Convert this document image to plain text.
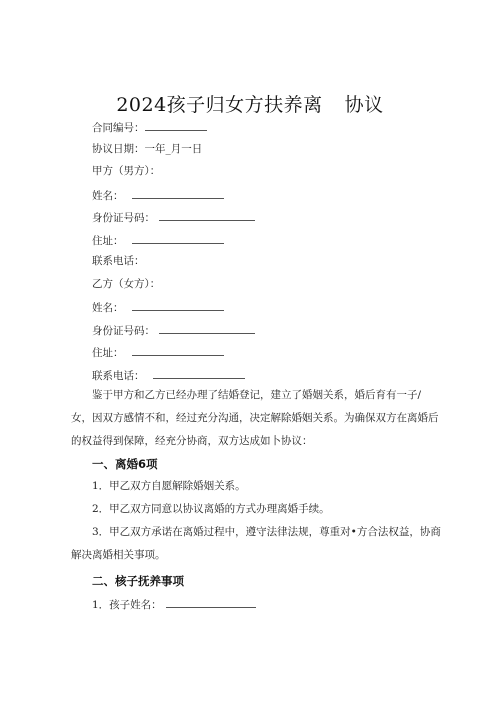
2024孩子归女方扶养离 协议
合同编号：
协议日期：一年_月一日
甲方（男方）：
姓名：
身份证号码：
住址：
联系电话：
乙方（女方）：
姓名：
身份证号码：
住址：
联系电话：
鉴于甲方和乙方已经办理了结婚登记，建立了婚姻关系，婚后育有一子/
女，因双方感情不和，经过充分沟通，决定解除婚姻关系。为确保双方在离婚后
的权益得到保障，经充分协商，双方达成如卜协议：
一、离婚6项
1．甲乙双方自愿解除婚姻关系。
2．甲乙双方同意以协议离婚的方式办理离婚手续。
3．甲乙双方承诺在离婚过程中，遵守法律法规，尊重对•方合法权益，协商
解决离婚相关事项。
二、核子抚养事项
1．孩子姓名：
